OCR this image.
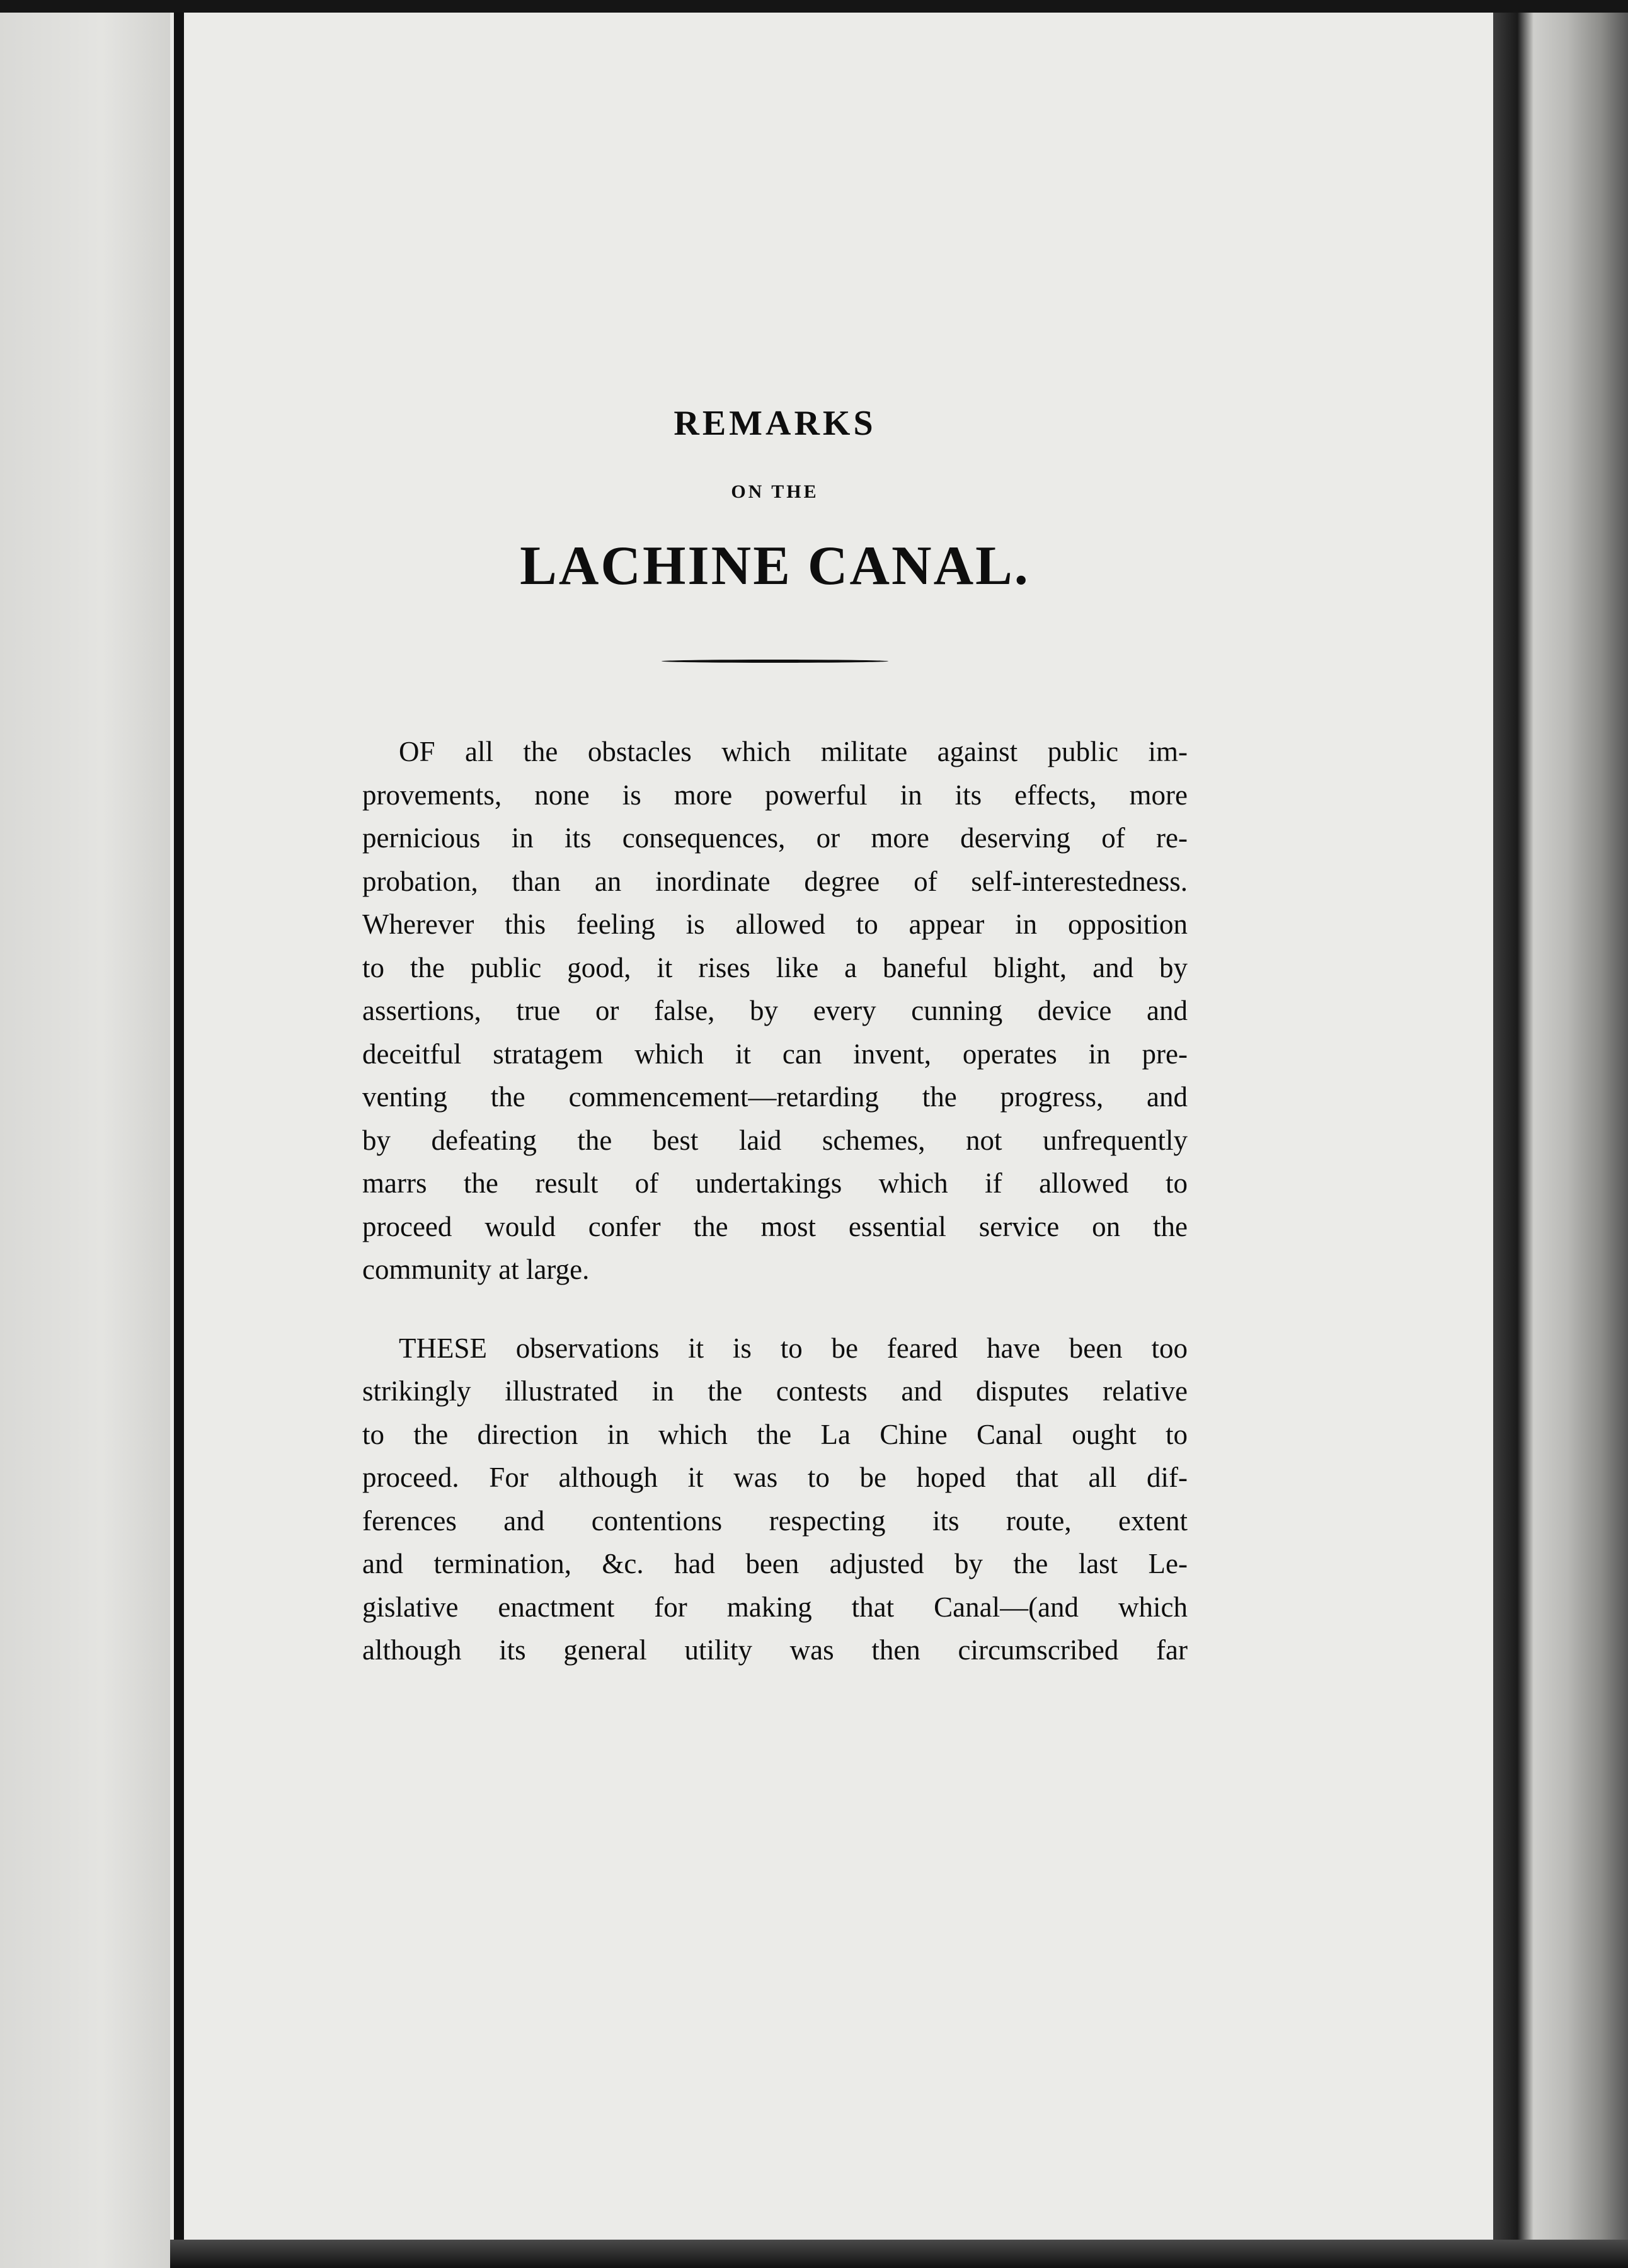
REMARKS
ON THE
LACHINE CANAL.

OF all the obstacles which militate against public im-
provements, none is more powerful in its effects, more
pernicious in its consequences, or more deserving of re-
probation, than an inordinate degree of self-interestedness.
Wherever this feeling is allowed to appear in opposition
to the public good, it rises like a baneful blight, and by
assertions, true or false, by every cunning device and
deceitful stratagem which it can invent, operates in pre-
venting the commencement—retarding the progress, and
by defeating the best laid schemes, not unfrequently
marrs the result of undertakings which if allowed to
proceed would confer the most essential service on the
community at large.

THESE observations it is to be feared have been too
strikingly illustrated in the contests and disputes relative
to the direction in which the La Chine Canal ought to
proceed. For although it was to be hoped that all dif-
ferences and contentions respecting its route, extent
and termination, &c. had been adjusted by the last Le-
gislative enactment for making that Canal—(and which
although its general utility was then circumscribed far
